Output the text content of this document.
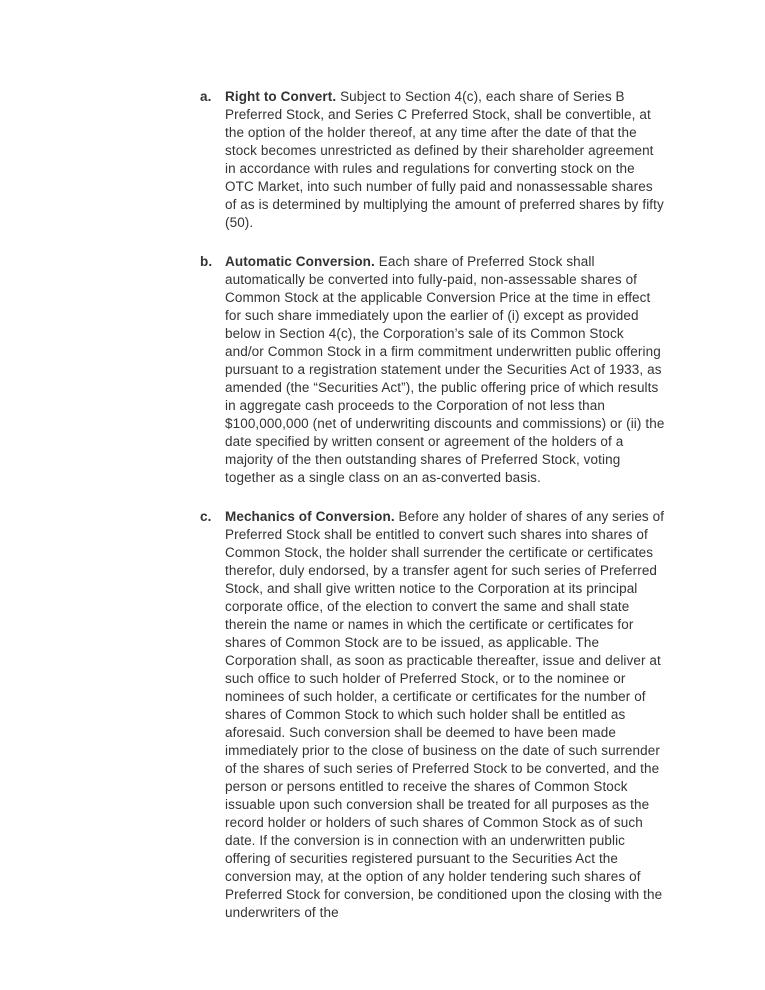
a.	Right to Convert. Subject to Section 4(c), each share of Series B Preferred Stock, and Series C Preferred Stock, shall be convertible, at the option of the holder thereof, at any time after the date of that the stock becomes unrestricted as defined by their shareholder agreement in accordance with rules and regulations for converting stock on the OTC Market, into such number of fully paid and nonassessable shares of as is determined by multiplying the amount of preferred shares by fifty (50).
b. Automatic Conversion. Each share of Preferred Stock shall automatically be converted into fully-paid, non-assessable shares of Common Stock at the applicable Conversion Price at the time in effect for such share immediately upon the earlier of (i) except as provided below in Section 4(c), the Corporation’s sale of its Common Stock and/or Common Stock in a firm commitment underwritten public offering pursuant to a registration statement under the Securities Act of 1933, as amended (the “Securities Act”), the public offering price of which results in aggregate cash proceeds to the Corporation of not less than $100,000,000 (net of underwriting discounts and commissions) or (ii) the date specified by written consent or agreement of the holders of a majority of the then outstanding shares of Preferred Stock, voting together as a single class on an as-converted basis.
c.	Mechanics of Conversion. Before any holder of shares of any series of Preferred Stock shall be entitled to convert such shares into shares of Common Stock, the holder shall surrender the certificate or certificates therefor, duly endorsed, by a transfer agent for such series of Preferred Stock, and shall give written notice to the Corporation at its principal corporate office, of the election to convert the same and shall state therein the name or names in which the certificate or certificates for shares of Common Stock are to be issued, as applicable. The Corporation shall, as soon as practicable thereafter, issue and deliver at such office to such holder of Preferred Stock, or to the nominee or nominees of such holder, a certificate or certificates for the number of shares of Common Stock to which such holder shall be entitled as aforesaid. Such conversion shall be deemed to have been made immediately prior to the close of business on the date of such surrender of the shares of such series of Preferred Stock to be converted, and the person or persons entitled to receive the shares of Common Stock issuable upon such conversion shall be treated for all purposes as the record holder or holders of such shares of Common Stock as of such date. If the conversion is in connection with an underwritten public offering of securities registered pursuant to the Securities Act the conversion may, at the option of any holder tendering such shares of Preferred Stock for conversion, be conditioned upon the closing with the underwriters of the
